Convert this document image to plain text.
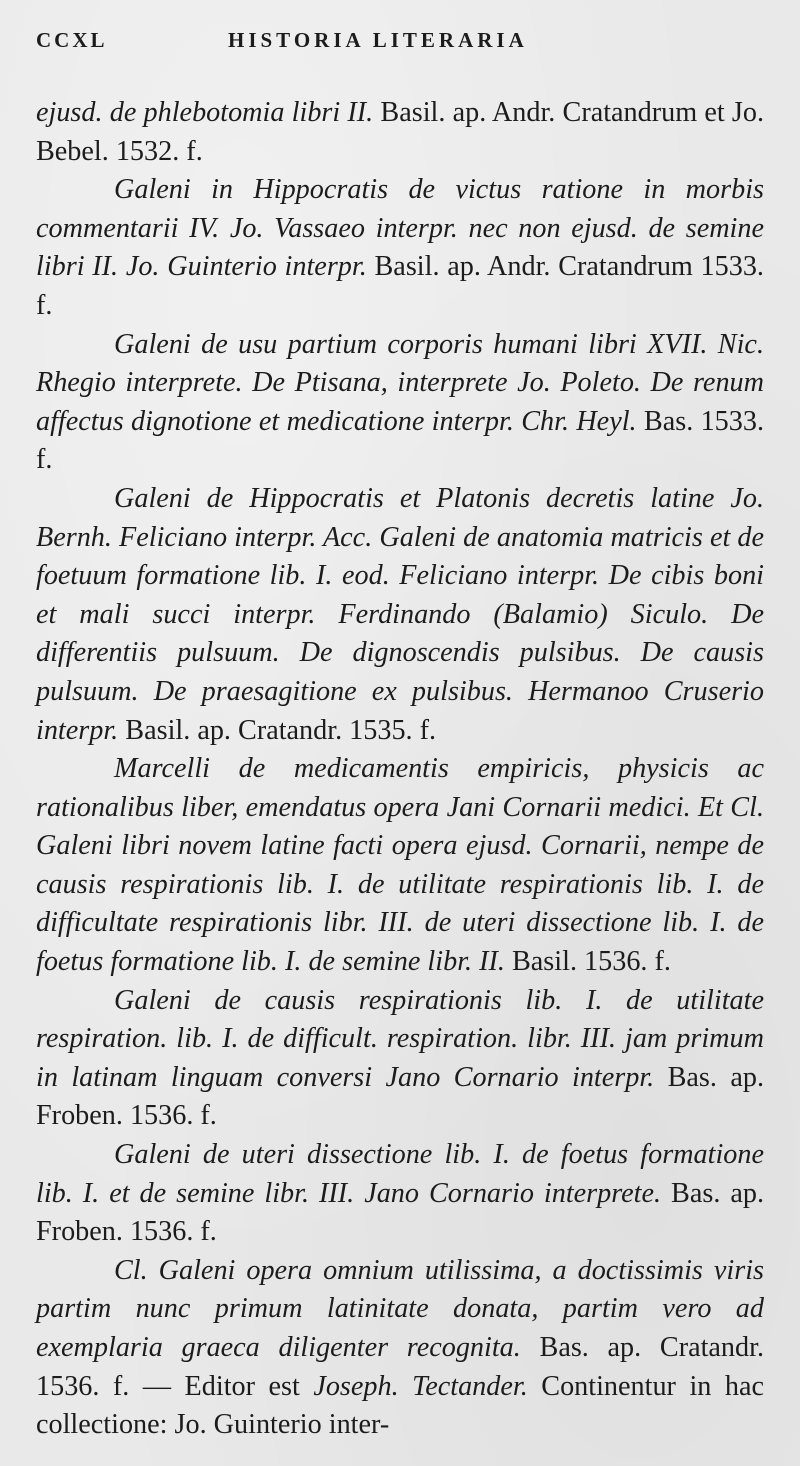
CCXL	HISTORIA LITERARIA

ejusd. de phlebotomia libri II. Basil. ap. Andr. Cratandrum et Jo. Bebel. 1532. f.

Galeni in Hippocratis de victus ratione in morbis commentarii IV. Jo. Vassaeo interpr. nec non ejusd. de semine libri II. Jo. Guinterio interpr. Basil. ap. Andr. Cratandrum 1533. f.

Galeni de usu partium corporis humani libri XVII. Nic. Rhegio interprete. De Ptisana, interprete Jo. Poleto. De renum affectus dignotione et medicatione interpr. Chr. Heyl. Bas. 1533. f.

Galeni de Hippocratis et Platonis decretis latine Jo. Bernh. Feliciano interpr. Acc. Galeni de anatomia matricis et de foetuum formatione lib. I. eod. Feliciano interpr. De cibis boni et mali succi interpr. Ferdinando (Balamio) Siculo. De differentiis pulsuum. De dignoscendis pulsibus. De causis pulsuum. De praesagitione ex pulsibus. Hermanoo Cruserio interpr. Basil. ap. Cratandr. 1535. f.

Marcelli de medicamentis empiricis, physicis ac rationalibus liber, emendatus opera Jani Cornarii medici. Et Cl. Galeni libri novem latine facti opera ejusd. Cornarii, nempe de causis respirationis lib. I. de utilitate respirationis lib. I. de difficultate respirationis libr. III. de uteri dissectione lib. I. de foetus formatione lib. I. de semine libr. II. Basil. 1536. f.

Galeni de causis respirationis lib. I. de utilitate respiration. lib. I. de difficult. respiration. libr. III. jam primum in latinam linguam conversi Jano Cornario interpr. Bas. ap. Froben. 1536. f.

Galeni de uteri dissectione lib. I. de foetus formatione lib. I. et de semine libr. III. Jano Cornario interprete. Bas. ap. Froben. 1536. f.

Cl. Galeni opera omnium utilissima, a doctissimis viris partim nunc primum latinitate donata, partim vero ad exemplaria graeca diligenter recognita. Bas. ap. Cratandr. 1536. f. — Editor est Joseph. Tectander. Continentur in hac collectione: Jo. Guinterio inter-
